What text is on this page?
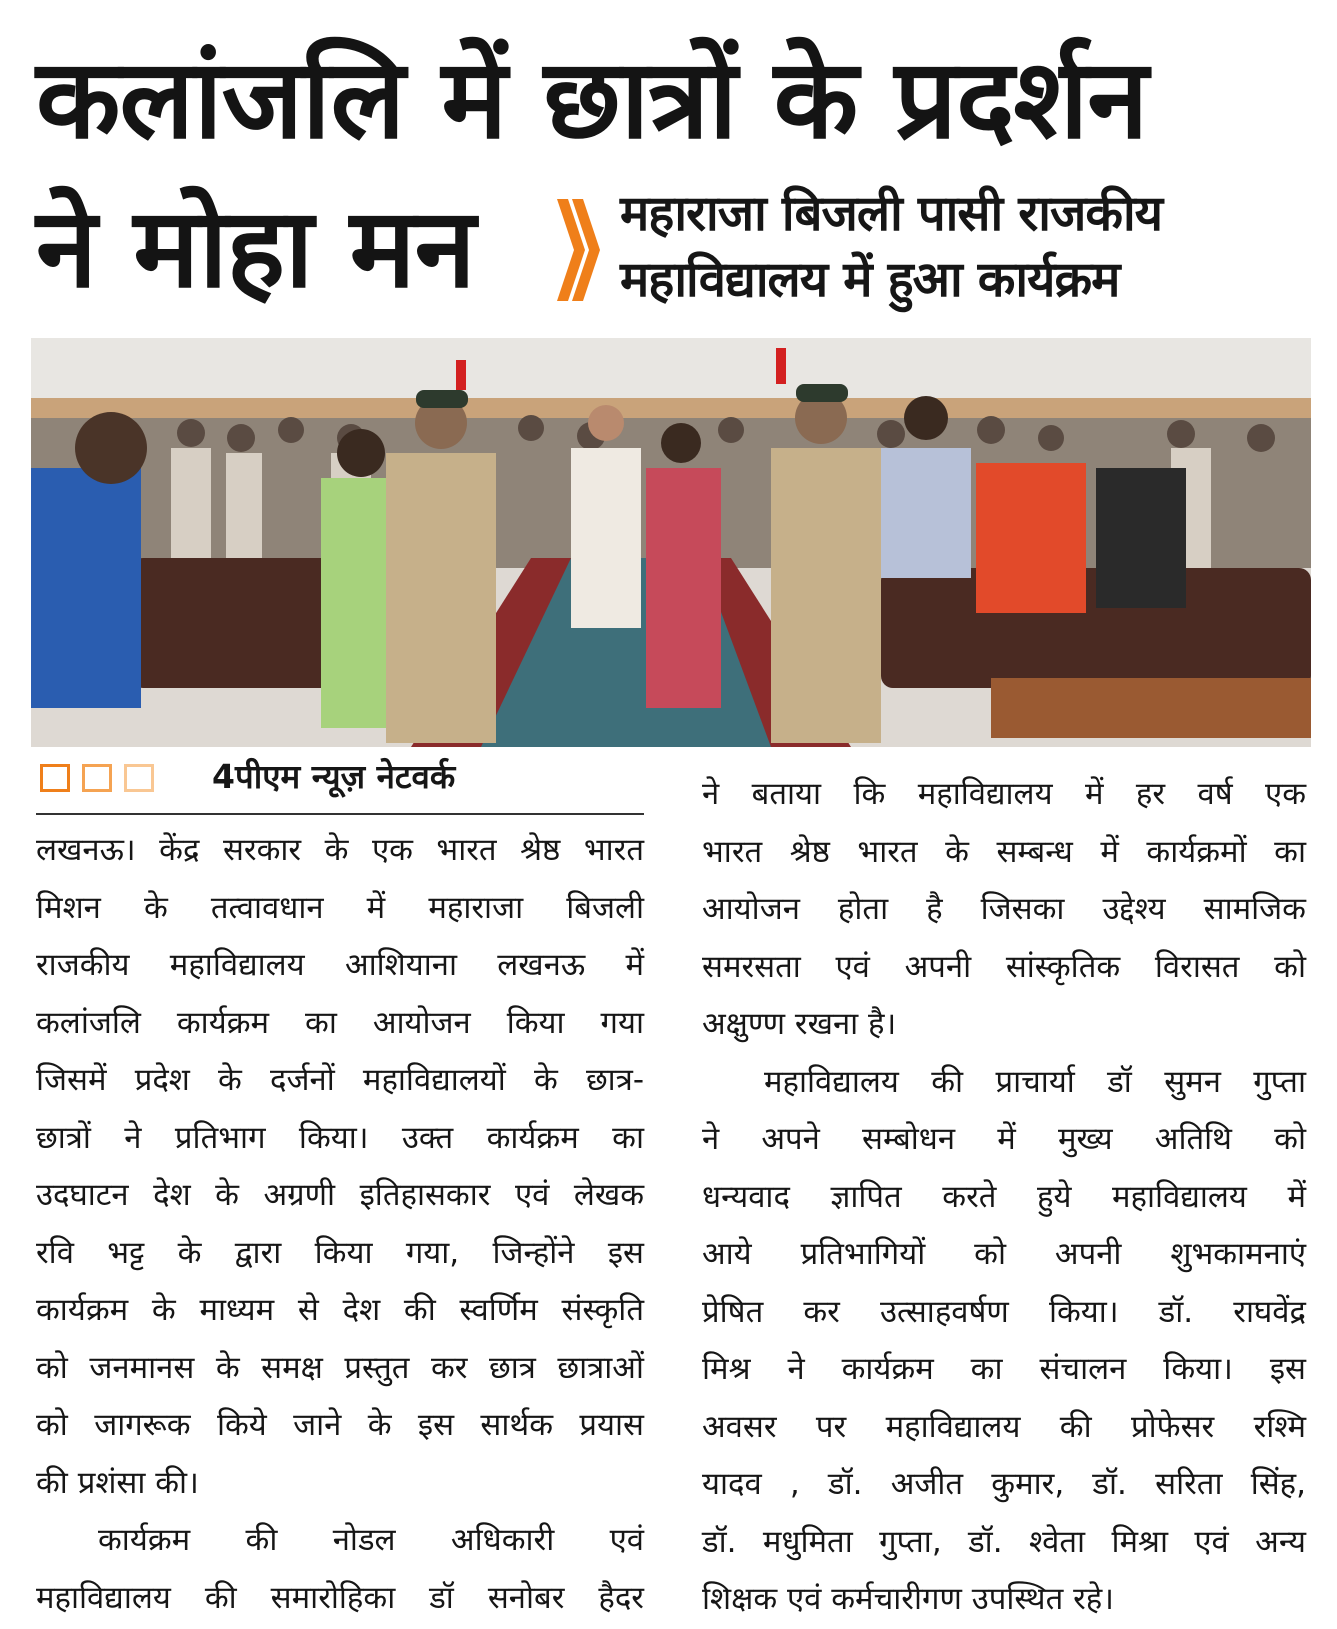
कलांजलि में छात्रों के प्रदर्शन
ने मोहा मन	महाराजा बिजली पासी राजकीय
महाविद्यालय में हुआ कार्यक्रम
4पीएम न्यूज़ नेटवर्क
लखनऊ। केंद्र सरकार के एक भारत श्रेष्ठ भारत
मिशन के तत्वावधान में महाराजा बिजली
राजकीय महाविद्यालय आशियाना लखनऊ में
कलांजलि कार्यक्रम का आयोजन किया गया
जिसमें प्रदेश के दर्जनों महाविद्यालयों के छात्र-
छात्रों ने प्रतिभाग किया। उक्त कार्यक्रम का
उदघाटन देश के अग्रणी इतिहासकार एवं लेखक
रवि भट्ट के द्वारा किया गया, जिन्होंने इस
कार्यक्रम के माध्यम से देश की स्वर्णिम संस्कृति
को जनमानस के समक्ष प्रस्तुत कर छात्र छात्राओं
को जागरूक किये जाने के इस सार्थक प्रयास
की प्रशंसा की।
कार्यक्रम की नोडल अधिकारी एवं
महाविद्यालय की समारोहिका डॉ सनोबर हैदर
ने बताया कि महाविद्यालय में हर वर्ष एक
भारत श्रेष्ठ भारत के सम्बन्ध में कार्यक्रमों का
आयोजन होता है जिसका उद्देश्य सामजिक
समरसता एवं अपनी सांस्कृतिक विरासत को
अक्षुण्ण रखना है।
महाविद्यालय की प्राचार्या डॉ सुमन गुप्ता
ने अपने सम्बोधन में मुख्य अतिथि को
धन्यवाद ज्ञापित करते हुये महाविद्यालय में
आये प्रतिभागियों को अपनी शुभकामनाएं
प्रेषित कर उत्साहवर्षण किया। डॉ. राघवेंद्र
मिश्र ने कार्यक्रम का संचालन किया। इस
अवसर पर महाविद्यालय की प्रोफेसर रश्मि
यादव , डॉ. अजीत कुमार, डॉ. सरिता सिंह,
डॉ. मधुमिता गुप्ता, डॉ. श्वेता मिश्रा एवं अन्य
शिक्षक एवं कर्मचारीगण उपस्थित रहे।
